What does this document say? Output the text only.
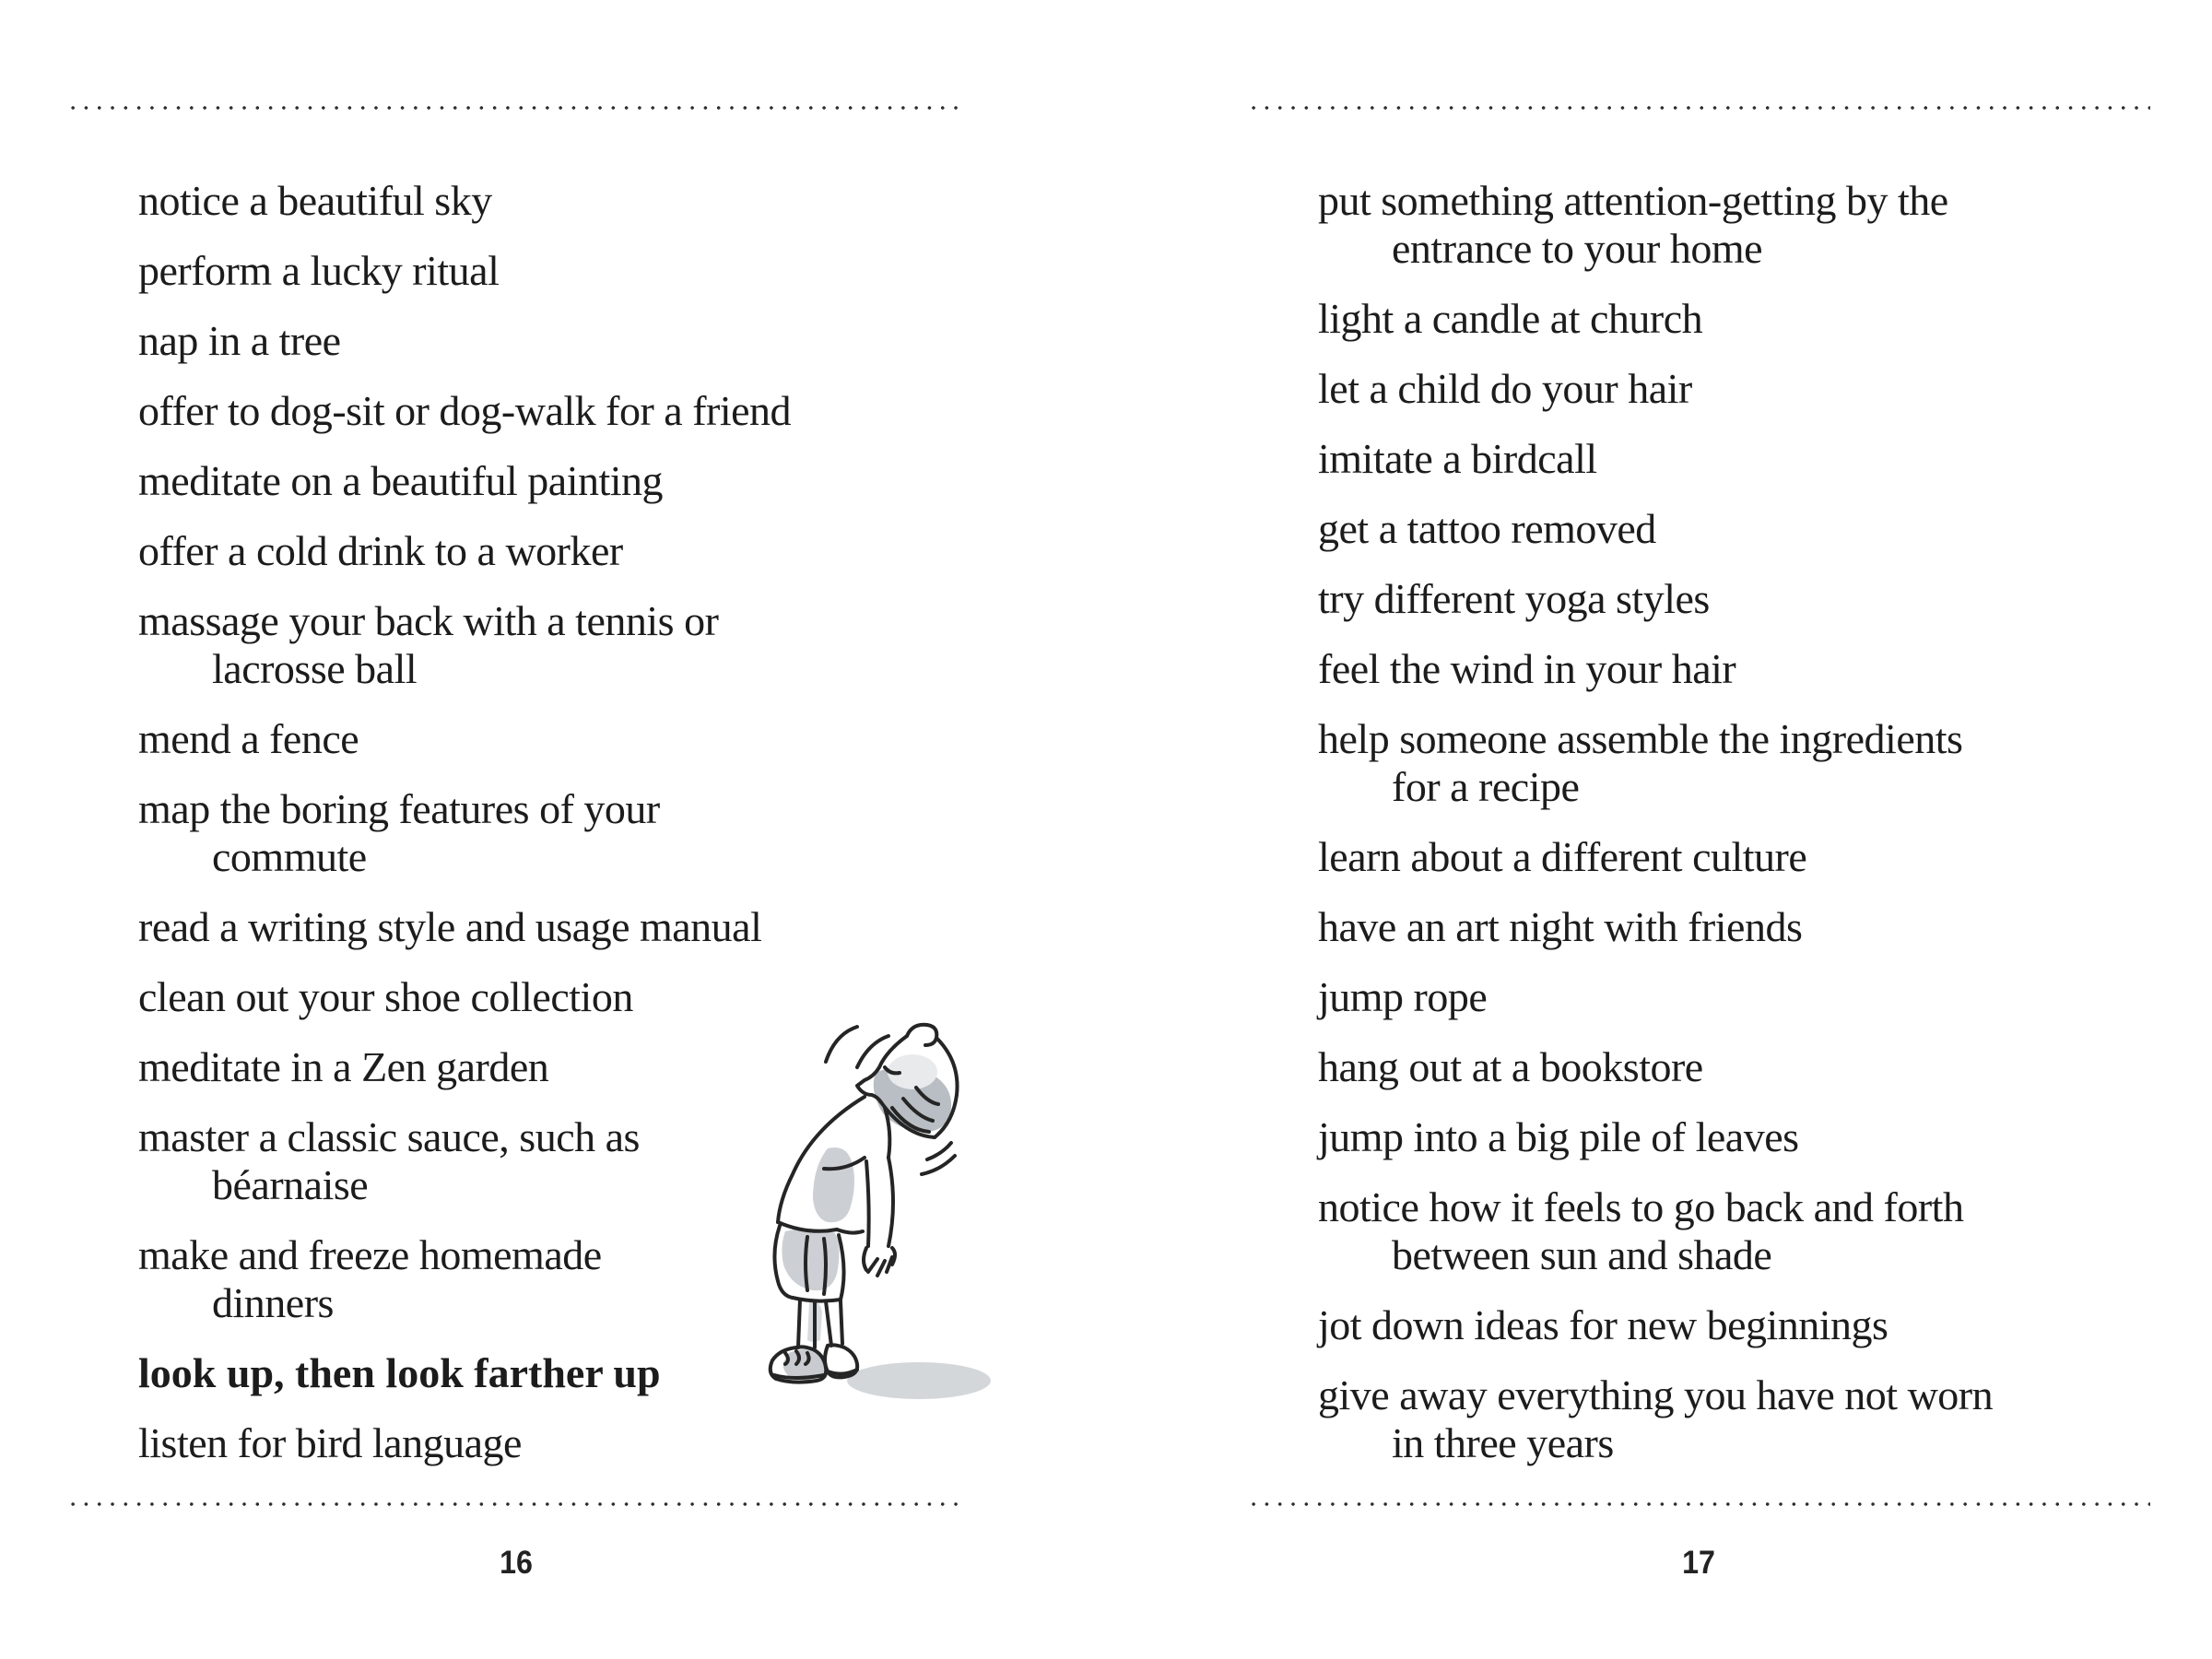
notice a beautiful sky
perform a lucky ritual
nap in a tree
offer to dog-sit or dog-walk for a friend
meditate on a beautiful painting
offer a cold drink to a worker
massage your back with a tennis or
lacrosse ball
mend a fence
map the boring features of your
commute
read a writing style and usage manual
clean out your shoe collection
meditate in a Zen garden
master a classic sauce, such as
béarnaise
make and freeze homemade
dinners
look up, then look farther up
listen for bird language
16
put something attention-getting by the
entrance to your home
light a candle at church
let a child do your hair
imitate a birdcall
get a tattoo removed
try different yoga styles
feel the wind in your hair
help someone assemble the ingredients
for a recipe
learn about a different culture
have an art night with friends
jump rope
hang out at a bookstore
jump into a big pile of leaves
notice how it feels to go back and forth
between sun and shade
jot down ideas for new beginnings
give away everything you have not worn
in three years
17
